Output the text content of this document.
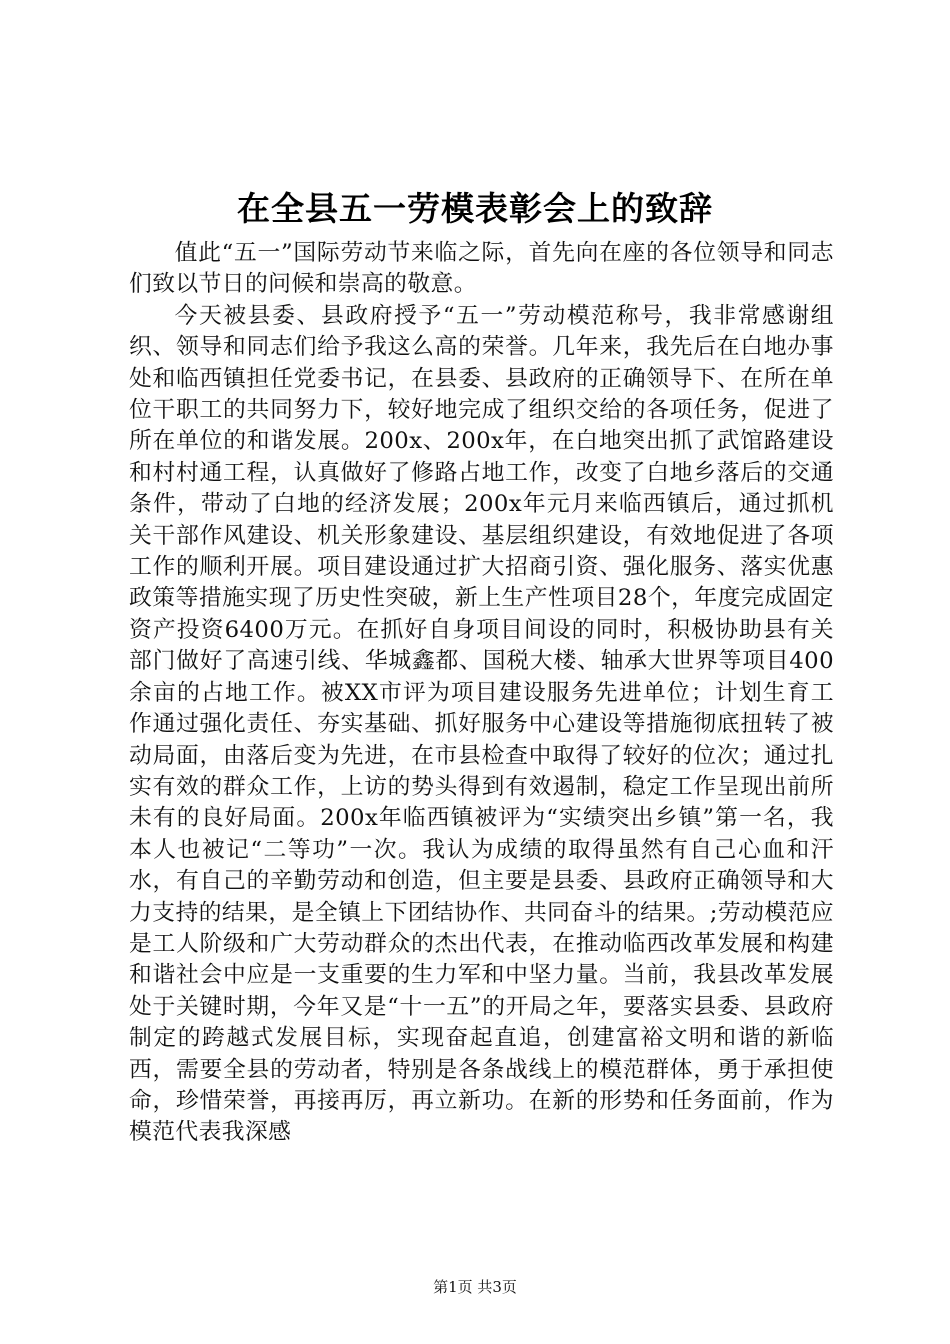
在全县五一劳模表彰会上的致辞

值此“五一”国际劳动节来临之际，首先向在座的各位领导和同志们致以节日的问候和崇高的敬意。

今天被县委、县政府授予“五一”劳动模范称号，我非常感谢组织、领导和同志们给予我这么高的荣誉。几年来，我先后在白地办事处和临西镇担任党委书记，在县委、县政府的正确领导下、在所在单位干职工的共同努力下，较好地完成了组织交给的各项任务，促进了所在单位的和谐发展。200x、200x年，在白地突出抓了武馆路建设和村村通工程，认真做好了修路占地工作，改变了白地乡落后的交通条件，带动了白地的经济发展；200x年元月来临西镇后，通过抓机关干部作风建设、机关形象建设、基层组织建设，有效地促进了各项工作的顺利开展。项目建设通过扩大招商引资、强化服务、落实优惠政策等措施实现了历史性突破，新上生产性项目28个，年度完成固定资产投资6400万元。在抓好自身项目间设的同时，积极协助县有关部门做好了高速引线、华城鑫都、国税大楼、轴承大世界等项目400余亩的占地工作。被XX市评为项目建设服务先进单位；计划生育工作通过强化责任、夯实基础、抓好服务中心建设等措施彻底扭转了被动局面，由落后变为先进，在市县检查中取得了较好的位次；通过扎实有效的群众工作，上访的势头得到有效遏制，稳定工作呈现出前所未有的良好局面。200x年临西镇被评为“实绩突出乡镇”第一名，我本人也被记“二等功”一次。我认为成绩的取得虽然有自己心血和汗水，有自己的辛勤劳动和创造，但主要是县委、县政府正确领导和大力支持的结果，是全镇上下团结协作、共同奋斗的结果。;劳动模范应是工人阶级和广大劳动群众的杰出代表，在推动临西改革发展和构建和谐社会中应是一支重要的生力军和中坚力量。当前，我县改革发展处于关键时期，今年又是“十一五”的开局之年，要落实县委、县政府制定的跨越式发展目标，实现奋起直追，创建富裕文明和谐的新临西，需要全县的劳动者，特别是各条战线上的模范群体，勇于承担使命，珍惜荣誉，再接再厉，再立新功。在新的形势和任务面前，作为模范代表我深感

第1页 共3页
